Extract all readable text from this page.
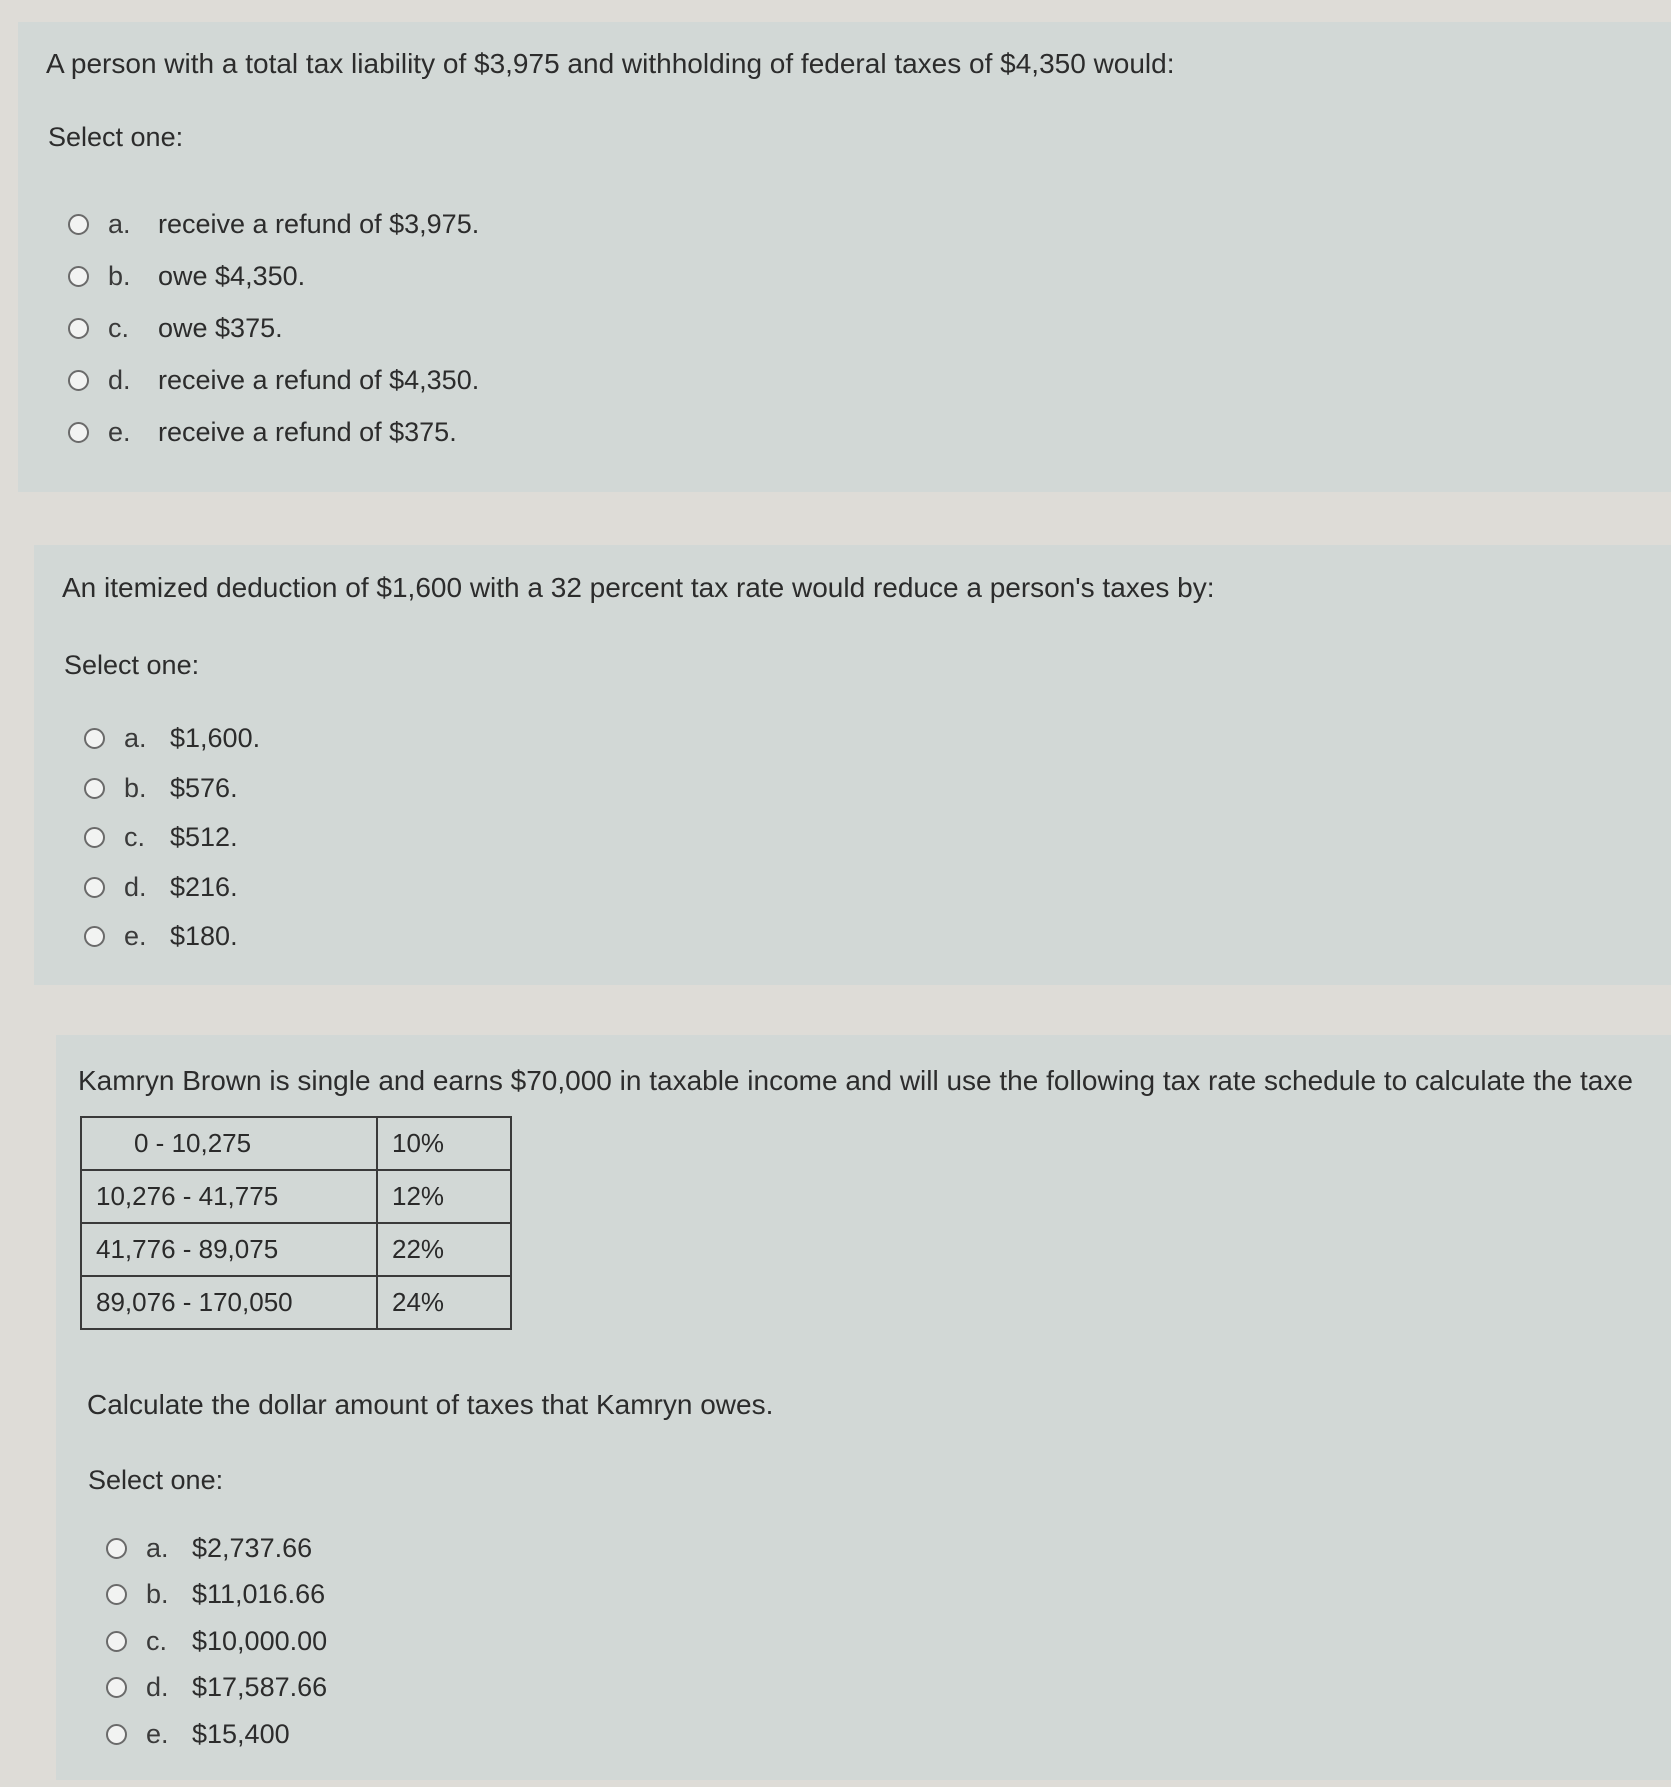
A person with a total tax liability of $3,975 and withholding of federal taxes of $4,350 would:
Select one:
a.	receive a refund of $3,975.
b.	owe $4,350.
c.	owe $375.
d.	receive a refund of $4,350.
e.	receive a refund of $375.
An itemized deduction of $1,600 with a 32 percent tax rate would reduce a person's taxes by:
Select one:
a. $1,600.
b. $576.
c. $512.
d. $216.
e. $180.
Kamryn Brown is single and earns $70,000 in taxable income and will use the following tax rate schedule to calculate the taxe
0 - 10,275	10%
10,276 - 41,775	12%
41,776 - 89,075	22%
89,076 - 170,050	24%
Calculate the dollar amount of taxes that Kamryn owes.
Select one:
a. $2,737.66
b. $11,016.66
c. $10,000.00
d. $17,587.66
e. $15,400
